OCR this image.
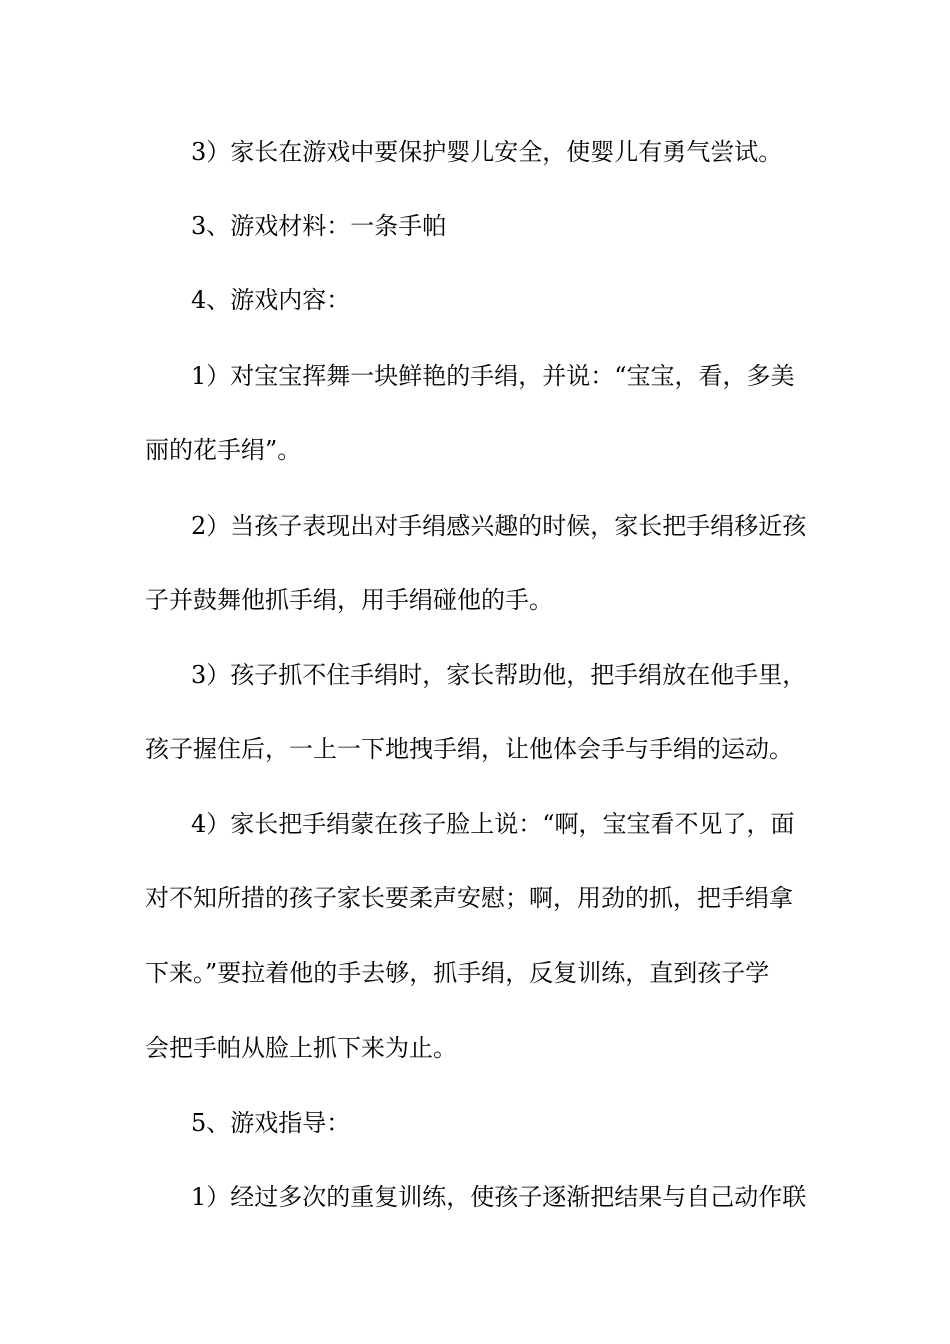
3）家长在游戏中要保护婴儿安全，使婴儿有勇气尝试。
3、游戏材料：一条手帕
4、游戏内容：
1）对宝宝挥舞一块鲜艳的手绢，并说：“宝宝，看，多美
丽的花手绢”。
2）当孩子表现出对手绢感兴趣的时候，家长把手绢移近孩
子并鼓舞他抓手绢，用手绢碰他的手。
3）孩子抓不住手绢时，家长帮助他，把手绢放在他手里，
孩子握住后，一上一下地拽手绢，让他体会手与手绢的运动。
4）家长把手绢蒙在孩子脸上说：“啊，宝宝看不见了，面
对不知所措的孩子家长要柔声安慰；啊，用劲的抓，把手绢拿
下来。”要拉着他的手去够，抓手绢，反复训练，直到孩子学
会把手帕从脸上抓下来为止。
5、游戏指导：
1）经过多次的重复训练，使孩子逐渐把结果与自己动作联
